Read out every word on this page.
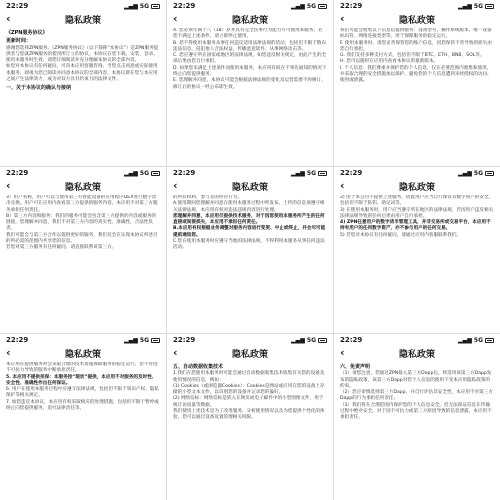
22:29	▂▄▆ 5G
‹	隐私政策

《ZPN服务协议》

更新时间：

感谢您选择ZPN服务。《ZPN服务协议》（以下简称“本协议”）是ZPN服务提供者与您就ZPN服务的使用所订立的协议。本协议在您下载、安装、登录、使用本服务时生效，请您仔细阅读并充分理解本协议的全部内容。

如您对本协议有任何疑问，可向本应用客服咨询。当您点击同意或实际使用本服务，即视为您已阅读并同意本协议的全部内容，本协议即在您与本应用之间产生法律效力，成为对双方具有约束力的法律文件。

一、关于本协议的确认与接纳

22:29	▂▄▆ 5G
‹	隐私政策

A. 您必须年满十八（18）岁并具有完全民事行为能力方可使用本服务。若您不满足上述条件，请立即停止使用。

B. 您不得使用本服务从事任何违反适用法律法规的活动，包括但不限于散布违法信息、侵犯他人合法权益、传播恶意软件、从事网络攻击等。

C. 您应遵守所在国家或地区的法律法规，如您违反相关规定，由此产生的全部后果由您自行承担。

D. 如果您未满足上述条件而使用本服务，本应用有权在不事先通知的情况下终止向您提供服务。

E. 您理解并同意，本协议可能会根据法律法规的变化及运营需要不时修订，修订后的协议一经公布即生效。

22:29	▂▄▆ 5G
‹	隐私政策

我们可能会收集以下信息以提供服务：设备型号、操作系统版本、唯一设备标识符、网络连接类型等，用于保障服务的稳定运行。

F. 使用本服务时，请您妥善保管您的账户信息，因您保管不善导致的损失由您自行承担。

G. 我们支持多种支付方式，包括但不限于BTC、ETH、BNB、SOL等。

H. 您可以随时在应用内查看本协议的最新版本。

I. 个人信息：我们尊重并保护您的个人信息，仅在必要范围内收集和使用，并采取合理的安全措施加以保护，避免您的个人信息遭到未经授权的访问、使用或泄露。

22:29	▂▄▆ 5G
‹	隐私政策

3）用户名称，用户可以与使用第三方智能设备的应用程序DEX进行数字货币兑换。用户可在应用内查看第三方提供的服务内容，本应用不对第三方服务承担任何责任。

B）第三方内容和服务：我们的服务可能会包含第三方提供的内容或服务的链接。您理解并同意，我们不对第三方内容的真实性、准确性、合法性负责。

我们可能会与第三方合作以提供更好的服务，我们仅会在实现本协议所述目的所必需的范围内共享您的信息。

若您对第三方服务有任何疑问，请直接联系该第三方。

22:29	▂▄▆ 5G
‹	隐私政策

的所有权利、参与者的所有行为。

A.使用期间您理解并同意在使用本服务过程中所发布、上传的信息须遵守相关法律法规，本应用有权对违法违规内容进行处理。

您理解并同意，本应用仅提供技术服务，对于因您使用本服务所产生的任何直接或间接损失，本应用不承担任何责任。

B.本应用有权根据业务调整对服务内容进行变更、中止或终止，并会尽可能提前通知您。

C.您在使用本服务时应遵守当地的法律法规，不得利用本服务从事任何违法活动。

22:29	▂▄▆ 5G
‹	隐私政策

2) 由于本公司不提供上述服务，因此用户应当自行保管其数字资产的安全，包括但不限于私钥、助记词等。

3) 在使用本服务时，用户应当遵守所在地区的法律法规，若因用户违反相关法律法规导致的任何后果由用户自行承担。

4) ZPN任意用户的数字货币管理工具，并非交易所或交易平台，本应用不持有用户的任何数字资产，亦不参与用户的任何交易。

5) 若您对本协议有任何疑问，请通过应用内客服联系我们。

22:29	▂▄▆ 5G
‹	隐私政策

本应用在提供服务时会采取合理的技术措施保障服务的稳定运行，但不对因不可抗力导致的服务中断承担责任。

5. 本应用不提供担保：本服务按“现状”提供，本应用不对服务的及时性、安全性、准确性作出任何保证。

6. 用户在使用本服务过程中应遵守法律法规，包括但不限于知识产权、隐私保护等相关规定。

7. 如您违反本协议，本应用有权采取相应的处理措施，包括但不限于暂停或终止向您提供服务、追究法律责任等。

22:29	▂▄▆ 5G
‹	隐私政策

五、自动数据收集技术

1.我们在您使用本服务时可能会通过自动数据收集技术收集有关您的设备及使用情况的信息，例如：

(1) Cookies（或浏览器Cookies）：Cookies是网站或应用在您的设备上存储的小型文本文件，以识别您的设备并记录您的偏好。

(2) 网络信标：网络信标是嵌入在网页或电子邮件中的小型图像文件，用于统计访问量等数据。

我们使用上述技术是为了改进服务、分析使用情况以及为您提供个性化的体验，您可以通过设备设置管理相关权限。

22:29	▂▄▆ 5G
‹	隐私政策

六、免责声明

（1）请您注意，您通过ZPN接入第三方Dapp后，将适用该第三方Dapp发布的隐私政策，该第三方Dapp对您个人信息的使用不受本应用隐私政策的约束。

（2）您应审慎选择第三方Dapp，并自行评估其安全性，本应用不对第三方Dapp的行为承担任何责任。

（3）我们将在合理范围内保护您的个人信息安全，但无法保证信息在传输过程中绝对安全，对于因不可抗力或第三方原因导致的信息泄露，本应用不承担责任。
